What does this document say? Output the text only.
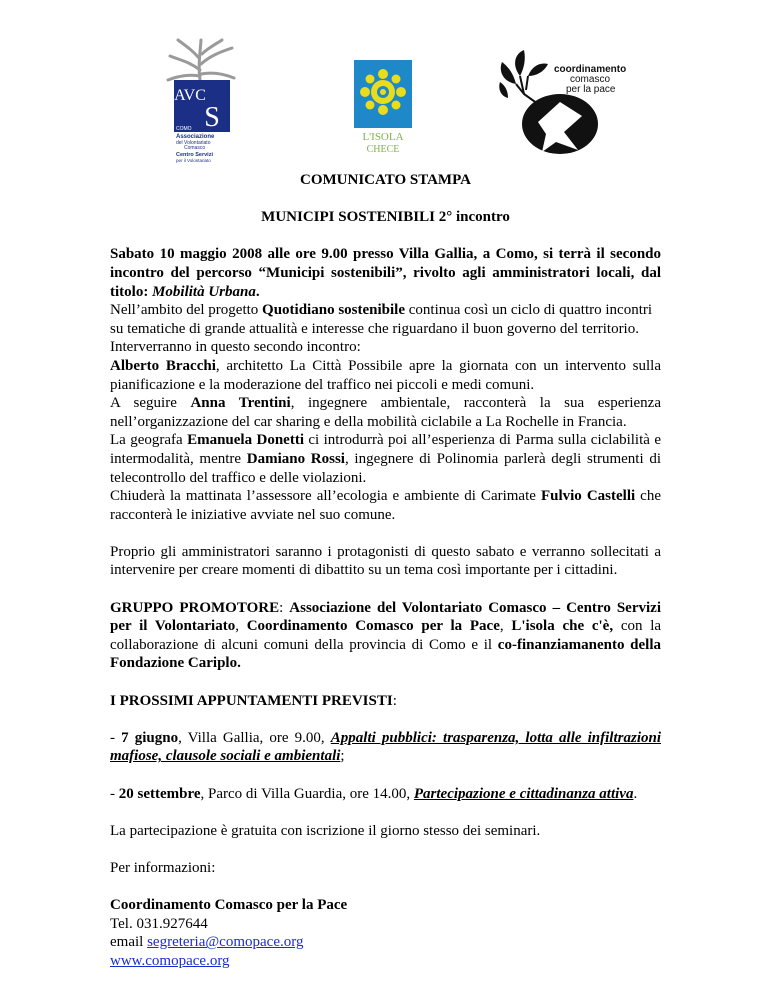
AVC
S
COMO
Associazione
del Volontariato
Comasco
Centro Servizi
per il Volontariato
L'ISOLA
CHECE
coordinamento
comasco
per la pace

COMUNICATO STAMPA

MUNICIPI SOSTENIBILI 2° incontro

Sabato 10 maggio 2008 alle ore 9.00 presso Villa Gallia, a Como, si terrà il secondo incontro del percorso “Municipi sostenibili”, rivolto agli amministratori locali, dal titolo: Mobilità Urbana.

Nell’ambito del progetto Quotidiano sostenibile continua così un ciclo di quattro incontri su tematiche di grande attualità e interesse che riguardano il buon governo del territorio.

Interverranno in questo secondo incontro:

Alberto Bracchi, architetto La Città Possibile apre la giornata con un intervento sulla pianificazione e la moderazione del traffico nei piccoli e medi comuni.

A seguire Anna Trentini, ingegnere ambientale, racconterà la sua esperienza nell’organizzazione del car sharing e della mobilità ciclabile a La Rochelle in Francia.

La geografa Emanuela Donetti ci introdurrà poi all’esperienza di Parma sulla ciclabilità e intermodalità, mentre Damiano Rossi, ingegnere di Polinomia parlerà degli strumenti di telecontrollo del traffico e delle violazioni.

Chiuderà la mattinata l’assessore all’ecologia e ambiente di Carimate Fulvio Castelli che racconterà le iniziative avviate nel suo comune.

Proprio gli amministratori saranno i protagonisti di questo sabato e verranno sollecitati a intervenire per creare momenti di dibattito su un tema così importante per i cittadini.

GRUPPO PROMOTORE: Associazione del Volontariato Comasco – Centro Servizi per il Volontariato, Coordinamento Comasco per la Pace, L'isola che c'è, con la collaborazione di alcuni comuni della provincia di Como e il co-finanziamanento della Fondazione Cariplo.

I PROSSIMI APPUNTAMENTI PREVISTI:

- 7 giugno, Villa Gallia, ore 9.00, Appalti pubblici: trasparenza, lotta alle infiltrazioni mafiose, clausole sociali e ambientali;

- 20 settembre, Parco di Villa Guardia, ore 14.00, Partecipazione e cittadinanza attiva.

La partecipazione è gratuita con iscrizione il giorno stesso dei seminari.

Per informazioni:

Coordinamento Comasco per la Pace

Tel. 031.927644

email segreteria@comopace.org

www.comopace.org
